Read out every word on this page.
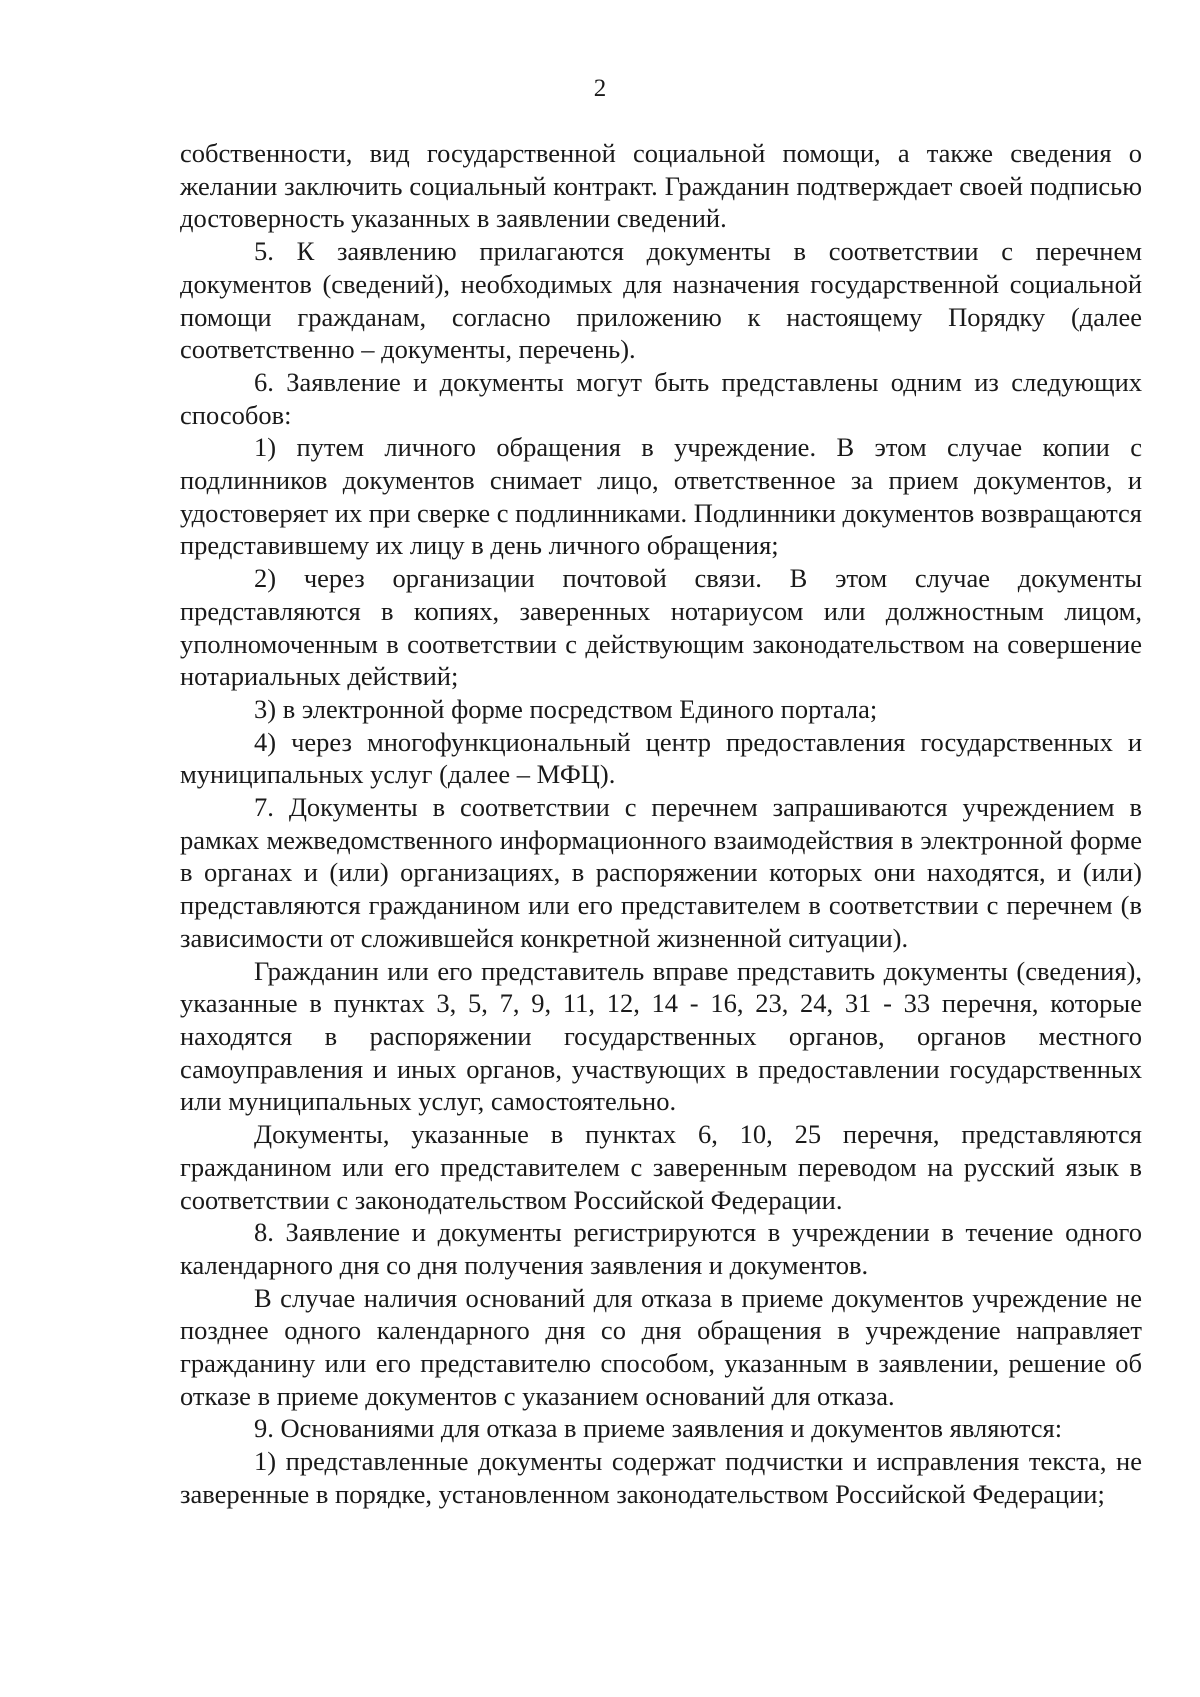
2

собственности, вид государственной социальной помощи, а также сведения о желании заключить социальный контракт. Гражданин подтверждает своей подписью достоверность указанных в заявлении сведений.

5. К заявлению прилагаются документы в соответствии с перечнем документов (сведений), необходимых для назначения государственной социальной помощи гражданам, согласно приложению к настоящему Порядку (далее соответственно – документы, перечень).

6. Заявление и документы могут быть представлены одним из следующих способов:

1) путем личного обращения в учреждение. В этом случае копии с подлинников документов снимает лицо, ответственное за прием документов, и удостоверяет их при сверке с подлинниками. Подлинники документов возвращаются представившему их лицу в день личного обращения;

2) через организации почтовой связи. В этом случае документы представляются в копиях, заверенных нотариусом или должностным лицом, уполномоченным в соответствии с действующим законодательством на совершение нотариальных действий;

3) в электронной форме посредством Единого портала;

4) через многофункциональный центр предоставления государственных и муниципальных услуг (далее – МФЦ).

7. Документы в соответствии с перечнем запрашиваются учреждением в рамках межведомственного информационного взаимодействия в электронной форме в органах и (или) организациях, в распоряжении которых они находятся, и (или) представляются гражданином или его представителем в соответствии с перечнем (в зависимости от сложившейся конкретной жизненной ситуации).

Гражданин или его представитель вправе представить документы (сведения), указанные в пунктах 3, 5, 7, 9, 11, 12, 14 - 16, 23, 24, 31 - 33 перечня, которые находятся в распоряжении государственных органов, органов местного самоуправления и иных органов, участвующих в предоставлении государственных или муниципальных услуг, самостоятельно.

Документы, указанные в пунктах 6, 10, 25 перечня, представляются гражданином или его представителем с заверенным переводом на русский язык в соответствии с законодательством Российской Федерации.

8. Заявление и документы регистрируются в учреждении в течение одного календарного дня со дня получения заявления и документов.

В случае наличия оснований для отказа в приеме документов учреждение не позднее одного календарного дня со дня обращения в учреждение направляет гражданину или его представителю способом, указанным в заявлении, решение об отказе в приеме документов с указанием оснований для отказа.

9. Основаниями для отказа в приеме заявления и документов являются:

1) представленные документы содержат подчистки и исправления текста, не заверенные в порядке, установленном законодательством Российской Федерации;
